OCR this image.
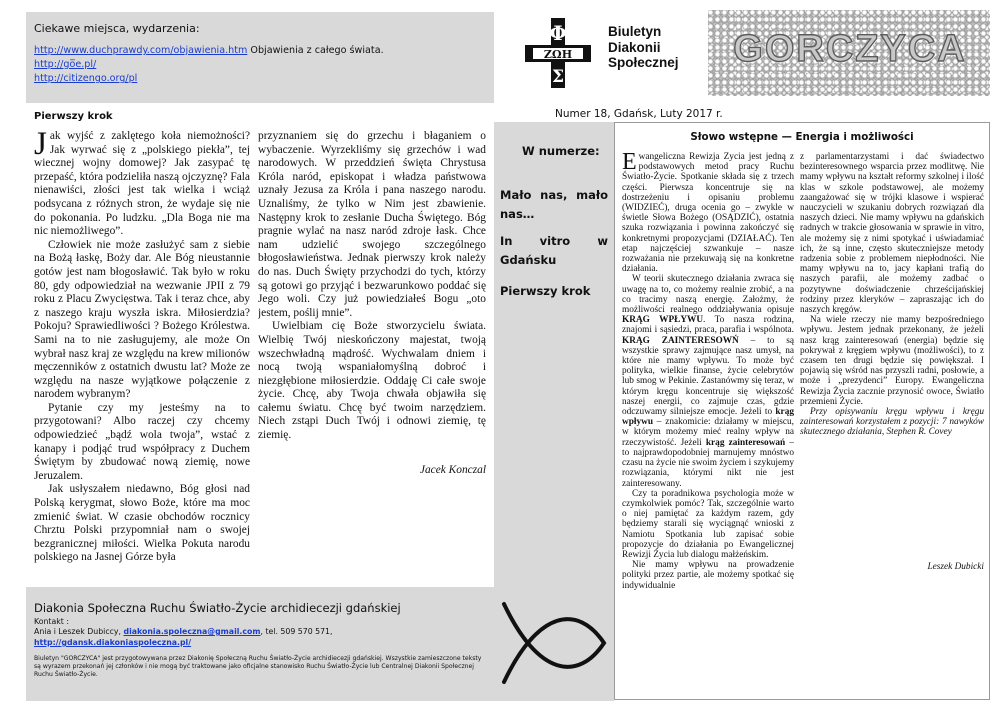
Ciekawe miejsca, wydarzenia:
http://www.duchprawdy.com/objawienia.htm Objawienia z całego świata.
http://go̅e.pl/
http://citizengo.org/pl
Φ
ZΩH
Σ
Biuletyn
Diakonii
Społecznej	GORCZYCA
Numer 18, Gdańsk, Luty 2017 r.
Pierwszy krok

Jak wyjść z zaklętego koła niemożności? Jak wyrwać się z „polskiego piekła”, tej wiecznej wojny domowej? Jak zasypać tę przepaść, która podzieliła naszą ojczyznę? Fala nienawiści, złości jest tak wielka i wciąż podsycana z różnych stron, że wydaje się nie do pokonania. Po ludzku. „Dla Boga nie ma nic niemożliwego”.

Człowiek nie może zasłużyć sam z siebie na Bożą łaskę, Boży dar. Ale Bóg nieustannie gotów jest nam błogosławić. Tak było w roku 80, gdy odpowiedział na wezwanie JPII z 79 roku z Placu Zwycięstwa. Tak i teraz chce, aby z naszego kraju wyszła iskra. Miłosierdzia? Pokoju? Sprawiedliwości ? Bożego Królestwa. Sami na to nie zasługujemy, ale może On wybrał nasz kraj ze względu na krew milionów męczenników z ostatnich dwustu lat? Może ze względu na nasze wyjątkowe połączenie z narodem wybranym?

Pytanie czy my jesteśmy na to przygotowani? Albo raczej czy chcemy odpowiedzieć „bądź wola twoja”, wstać z kanapy i podjąć trud współpracy z Duchem Świętym by zbudować nową ziemię, nowe Jeruzalem.

Jak usłyszałem niedawno, Bóg głosi nad Polską kerygmat, słowo Boże, które ma moc zmienić świat. W czasie obchodów rocznicy Chrztu Polski przypomniał nam o swojej bezgranicznej miłości. Wielka Pokuta narodu polskiego na Jasnej Górze była

przyznaniem się do grzechu i błaganiem o wybaczenie. Wyrzekliśmy się grzechów i wad narodowych. W przeddzień święta Chrystusa Króla naród, episkopat i władza państwowa uznały Jezusa za Króla i pana naszego narodu. Uznaliśmy, że tylko w Nim jest zbawienie. Następny krok to zesłanie Ducha Świętego. Bóg pragnie wylać na nasz naród zdroje łask. Chce nam udzielić swojego szczególnego błogosławieństwa. Jednak pierwszy krok należy do nas. Duch Święty przychodzi do tych, którzy są gotowi go przyjąć i bezwarunkowo poddać się Jego woli. Czy już powiedziałeś Bogu „oto jestem, poślij mnie”.

Uwielbiam cię Boże stworzycielu świata. Wielbię Twój nieskończony majestat, twoją wszechwładną mądrość. Wychwalam dniem i nocą twoją wspaniałomyślną dobroć i niezgłębione miłosierdzie. Oddaję Ci całe swoje życie. Chcę, aby Twoja chwała objawiła się całemu światu. Chcę być twoim narzędziem. Niech zstąpi Duch Twój i odnowi ziemię, tę ziemię.

Jacek Konczal
W numerze:
Mało nas, mało nas…
In vitro w Gdańsku
Pierwszy krok
Słowo wstępne — Energia i możliwości

Ewangeliczna Rewizja Życia jest jedną z podstawowych metod pracy Ruchu Światło-Życie. Spotkanie składa się z trzech części. Pierwsza koncentruje się na dostrzeżeniu i opisaniu problemu (WIDZIEĆ), druga ocenia go – zwykle w świetle Słowa Bożego (OSĄDZIĆ), ostatnia szuka rozwiązania i powinna zakończyć się konkretnymi propozycjami (DZIAŁAĆ). Ten etap najczęściej szwankuje – nasze rozważania nie przekuwają się na konkretne działania.

W teorii skutecznego działania zwraca się uwagę na to, co możemy realnie zrobić, a na co tracimy naszą energię. Założmy, że możliwości realnego oddziaływania opisuje KRĄG WPŁYWU. To nasza rodzina, znajomi i sąsiedzi, praca, parafia i wspólnota. KRĄG ZAINTERESOWŃ – to są wszystkie sprawy zajmujące nasz umysł, na które nie mamy wpływu. To może być polityka, wielkie finanse, życie celebrytów lub smog w Pekinie. Zastanówmy się teraz, w którym kręgu koncentruje się większość naszej energii, co zajmuje czas, gdzie odczuwamy silniejsze emocje. Jeżeli to krąg wpływu – znakomicie: działamy w miejscu, w którym możemy mieć realny wpływ na rzeczywistość. Jeżeli krąg zainteresowań – to najprawdopodobniej marnujemy mnóstwo czasu na życie nie swoim życiem i szykujemy rozwiązania, którymi nikt nie jest zainteresowany.

Czy ta poradnikowa psychologia może w czymkolwiek pomóc? Tak, szczególnie warto o niej pamiętać za każdym razem, gdy będziemy starali się wyciągnąć wnioski z Namiotu Spotkania lub zapisać sobie propozycje do działania po Ewangelicznej Rewizji Życia lub dialogu małżeńskim.

Nie mamy wpływu na prowadzenie polityki przez partie, ale możemy spotkać się indywidualnie

z parlamentarzystami i dać świadectwo bezinteresownego wsparcia przez modlitwę. Nie mamy wpływu na kształt reformy szkolnej i ilość klas w szkole podstawowej, ale możemy zaangażować się w trójki klasowe i wspierać nauczycieli w szukaniu dobrych rozwiązań dla naszych dzieci. Nie mamy wpływu na gdańskich radnych w trakcie głosowania w sprawie in vitro, ale możemy się z nimi spotykać i uświadamiać ich, że są inne, często skuteczniejsze metody radzenia sobie z problemem niepłodności. Nie mamy wpływu na to, jacy kapłani trafią do naszych parafii, ale możemy zadbać o pozytywne doświadczenie chrześcijańskiej rodziny przez kleryków – zapraszając ich do naszych kręgów.

Na wiele rzeczy nie mamy bezpośredniego wpływu. Jestem jednak przekonany, że jeżeli nasz krąg zainteresowań (energia) będzie się pokrywał z kręgiem wpływu (możliwości), to z czasem ten drugi będzie się powiększał. I pojawią się wśród nas przyszli radni, posłowie, a może i „prezydenci” Europy. Ewangeliczna Rewizja Życia zacznie przynosić owoce, Światło przemieni Życie.

Przy opisywaniu kręgu wpływu i kręgu zainteresowań korzystałem z pozycji: 7 nawyków skutecznego działania, Stephen R. Covey

Leszek Dubicki
Diakonia Społeczna Ruchu Światło-Życie archidiecezji gdańskiej
Kontakt :
Ania i Leszek Dubiccy, diakonia.spoleczna@gmail.com, tel. 509 570 571,
http://gdansk.diakoniaspoleczna.pl/
Biuletyn "GORCZYCA" jest przygotowywana przez Diakonię Społeczną Ruchu Światło-Życie archidiecezji gdańskiej. Wszystkie zamieszczone teksty są wyrazem przekonań jej członków i nie mogą być traktowane jako oficjalne stanowisko Ruchu Światło-Życie lub Centralnej Diakonii Społecznej Ruchu Światło-Życie.
